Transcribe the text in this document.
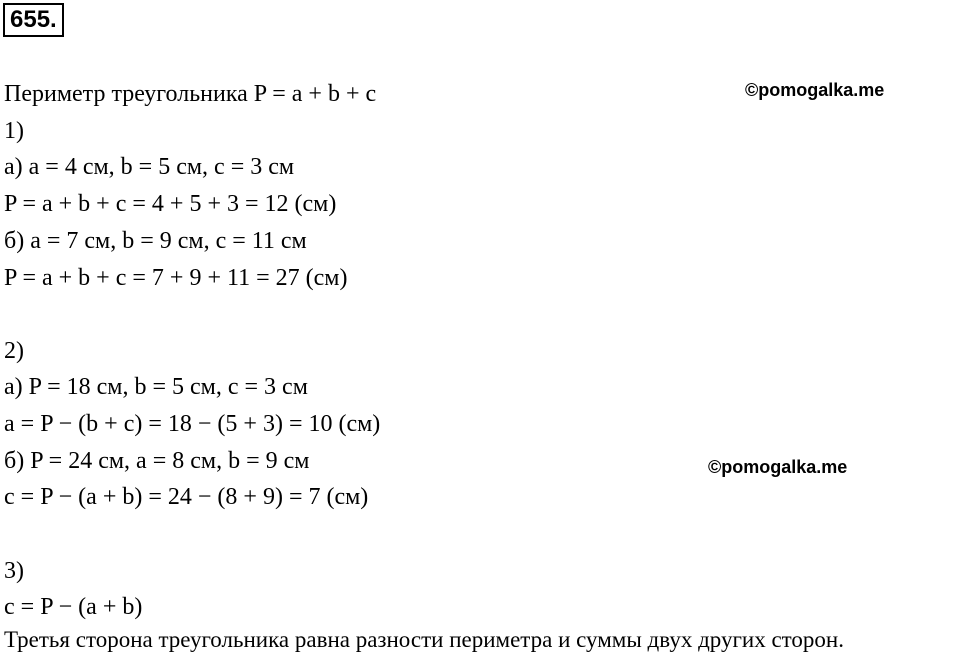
655.
©pomogalka.me
©pomogalka.me
Периметр треугольника P = a + b + c
1)
а) a = 4 см, b = 5 см, c = 3 см
P = a + b + c = 4 + 5 + 3 = 12 (см)
б) a = 7 см, b = 9 см, c = 11 см
P = a + b + c = 7 + 9 + 11 = 27 (см)
2)
а) P = 18 см, b = 5 см, c = 3 см
a = P − (b + c) = 18 − (5 + 3) = 10 (см)
б) P = 24 см, a = 8 см, b = 9 см
c = P − (a + b) = 24 − (8 + 9) = 7 (см)
3)
c = P − (a + b)
Третья сторона треугольника равна разности периметра и суммы двух других сторон.
